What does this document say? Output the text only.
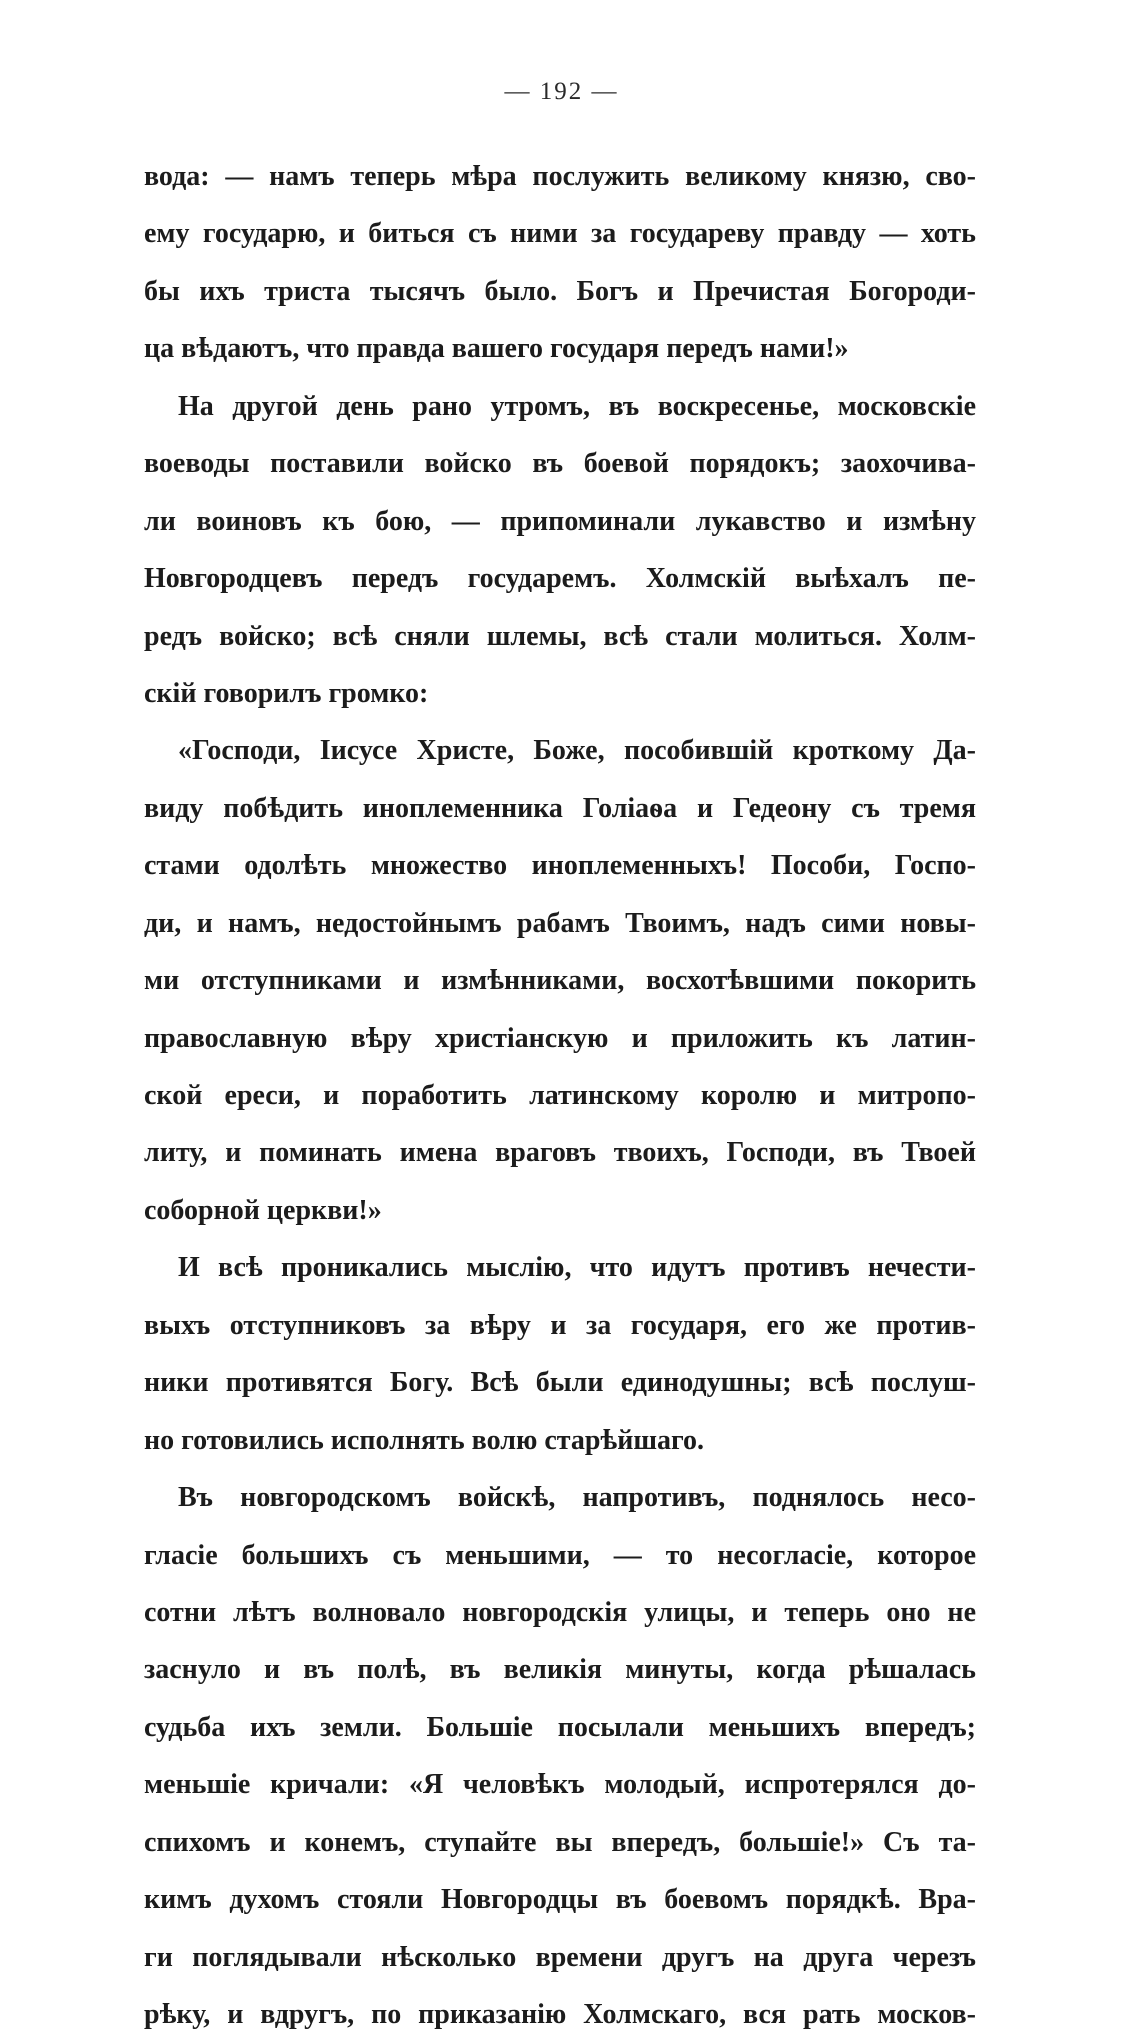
— 192 —
вода: — намъ теперь мѣра послужить великому князю, сво-
ему государю, и биться съ ними за государеву правду — хоть
бы ихъ триста тысячъ было. Богъ и Пречистая Богороди-
ца вѣдаютъ, что правда вашего государя передъ нами!»
На другой день рано утромъ, въ воскресенье, московскіе
воеводы поставили войско въ боевой порядокъ; заохочива-
ли воиновъ къ бою, — припоминали лукавство и измѣну
Новгородцевъ передъ государемъ. Холмскій выѣхалъ пе-
редъ войско; всѣ сняли шлемы, всѣ стали молиться. Холм-
скій говорилъ громко:
«Господи, Іисусе Христе, Боже, пособившій кроткому Да-
виду побѣдить иноплеменника Голіаѳа и Гедеону съ тремя
стами одолѣть множество иноплеменныхъ! Пособи, Госпо-
ди, и намъ, недостойнымъ рабамъ Твоимъ, надъ сими новы-
ми отступниками и измѣнниками, восхотѣвшими покорить
православную вѣру христіанскую и приложить къ латин-
ской ереси, и поработить латинскому королю и митропо-
литу, и поминать имена враговъ твоихъ, Господи, въ Твоей
соборной церкви!»
И всѣ проникались мыслію, что идутъ противъ нечести-
выхъ отступниковъ за вѣру и за государя, его же против-
ники противятся Богу. Всѣ были единодушны; всѣ послуш-
но готовились исполнять волю старѣйшаго.
Въ новгородскомъ войскѣ, напротивъ, поднялось несо-
гласіе большихъ съ меньшими, — то несогласіе, которое
сотни лѣтъ волновало новгородскія улицы, и теперь оно не
заснуло и въ полѣ, въ великія минуты, когда рѣшалась
судьба ихъ земли. Большіе посылали меньшихъ впередъ;
меньшіе кричали: «Я человѣкъ молодый, испротерялся до-
спихомъ и конемъ, ступайте вы впередъ, большіе!» Съ та-
кимъ духомъ стояли Новгородцы въ боевомъ порядкѣ. Вра-
ги поглядывали нѣсколько времени другъ на друга черезъ
рѣку, и вдругъ, по приказанію Холмскаго, вся рать москов-
